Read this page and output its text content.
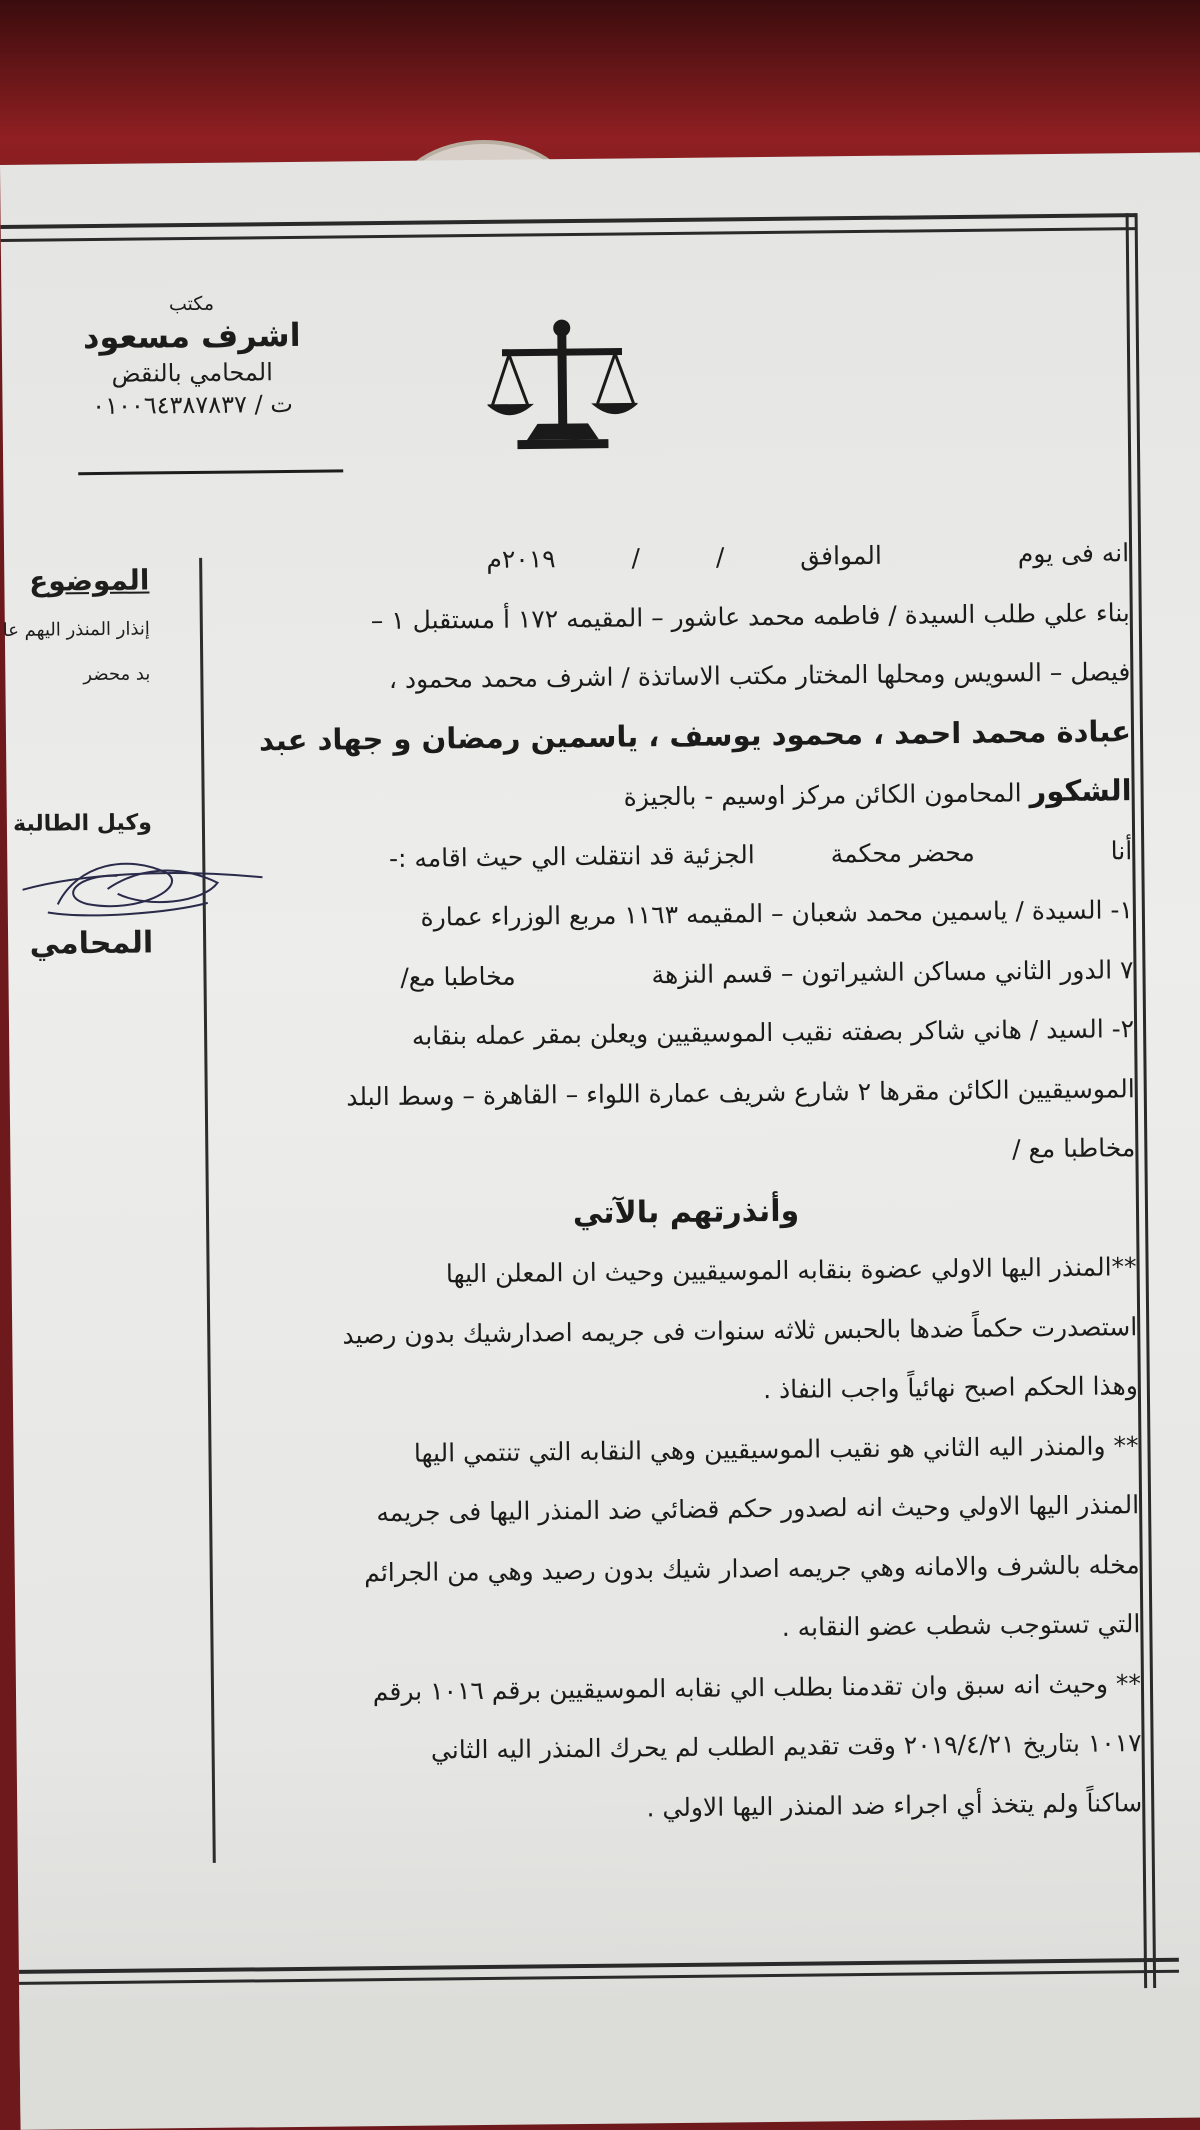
مكتب
اشرف مسعود
المحامي بالنقض
ت / ٠١٠٠٦٤٣٨٧٨٣٧
الموضوع
إنذار المنذر اليهم عا
بد محضر
وكيل الطالبة
المحامي
انه فى يوم  الموافق  /  /  ٢٠١٩م
بناء علي طلب السيدة / فاطمه محمد عاشور – المقيمه ١٧٢ أ مستقبل ١ –
فيصل – السويس ومحلها المختار مكتب الاساتذة / اشرف محمد محمود ،
عبادة محمد احمد ، محمود يوسف ، ياسمين رمضان و جهاد عبد
الشكور المحامون الكائن مركز اوسيم - بالجيزة
أنا  محضر محكمة  الجزئية قد انتقلت الي حيث اقامه :-
١- السيدة / ياسمين محمد شعبان – المقيمه ١١٦٣ مربع الوزراء عمارة
٧ الدور الثاني مساكن الشيراتون – قسم النزهة  مخاطبا مع/
٢- السيد / هاني شاكر بصفته نقيب الموسيقيين ويعلن بمقر عمله بنقابه
الموسيقيين الكائن مقرها ٢ شارع شريف عمارة اللواء – القاهرة – وسط البلد
مخاطبا مع /
وأنذرتهم بالآتي
**المنذر اليها الاولي عضوة بنقابه الموسيقيين وحيث ان المعلن اليها
استصدرت حكماً ضدها بالحبس ثلاثه سنوات فى جريمه اصدارشيك بدون رصيد
وهذا الحكم اصبح نهائياً واجب النفاذ .
** والمنذر اليه الثاني هو نقيب الموسيقيين وهي النقابه التي تنتمي اليها
المنذر اليها الاولي وحيث انه لصدور حكم قضائي ضد المنذر اليها فى جريمه
مخله بالشرف والامانه وهي جريمه اصدار شيك بدون رصيد وهي من الجرائم
التي تستوجب شطب عضو النقابه .
** وحيث انه سبق وان تقدمنا بطلب الي نقابه الموسيقيين برقم ١٠١٦ برقم
١٠١٧ بتاريخ ٢٠١٩/٤/٢١ وقت تقديم الطلب لم يحرك المنذر اليه الثاني
ساكناً ولم يتخذ أي اجراء ضد المنذر اليها الاولي .
